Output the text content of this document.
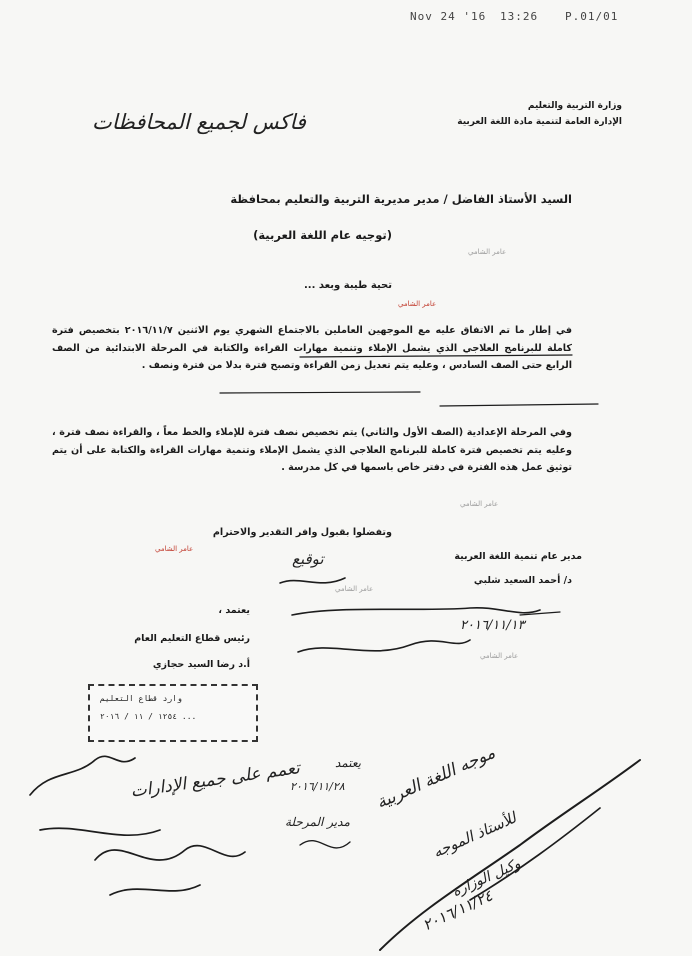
Nov 24 '16 13:26 P.01/01
وزارة التربية والتعليم
الإدارة العامة لتنمية مادة اللغة العربية
فاكس لجميع المحافظات
السيد الأستاذ الفاضل / مدير مديرية التربية والتعليم بمحافظة
(توجيه عام اللغة العربية)
عامر الشامي
تحية طيبة وبعد ...
عامر الشامي
في إطار ما تم الاتفاق عليه مع الموجهين العاملين بالاجتماع الشهري يوم الاثنين ٢٠١٦/١١/٧ بتخصيص فترة كاملة للبرنامج العلاجي الذي يشمل الإملاء وتنمية مهارات القراءة والكتابة في المرحلة الابتدائية من الصف الرابع حتى الصف السادس ، وعليه يتم تعديل زمن القراءة وتصبح فترة بدلا من فترة ونصف .
وفي المرحلة الإعدادية (الصف الأول والثاني) يتم تخصيص نصف فترة للإملاء والخط معاً ، والقراءة نصف فترة ، وعليه يتم تخصيص فترة كاملة للبرنامج العلاجي الذي يشمل الإملاء وتنمية مهارات القراءة والكتابة على أن يتم توثيق عمل هذه الفترة في دفتر خاص باسمها في كل مدرسة .
وتفضلوا بقبول وافر التقدير والاحترام
عامر الشامي
عامر الشامي
عامر الشامي
عامر الشامي
مدير عام تنمية اللغة العربية
توقيع
د/ أحمد السعيد شلبي
يعتمد ،
رئيس قطاع التعليم العام
أ.د رضا السيد حجازي
وارد قطاع التعليم
١٢٥٤ / ١١ / ٢٠١٦ ...
٢٠١٦/١١/١٣
٢٠١٦/١١/٢٨
٢٠١٦/١١/٢٤
تعمم على جميع الإدارات	موجه اللغة العربية
للأستاذ الموجه
وكيل الوزارة
مدير المرحلة
يعتمد
